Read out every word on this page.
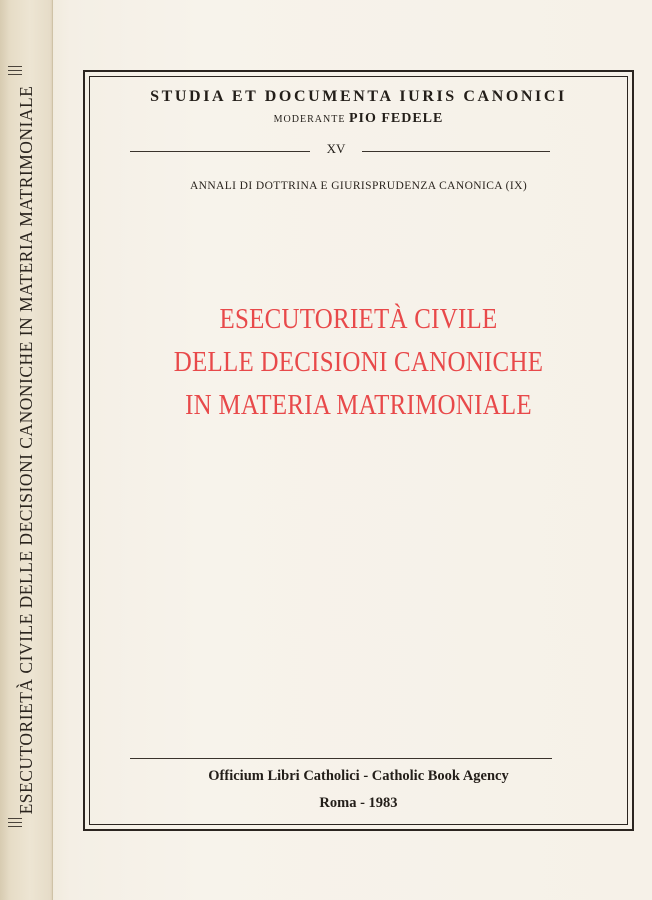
ESECUTORIETÀ CIVILE DELLE DECISIONI CANONICHE IN MATERIA MATRIMONIALE	STUDIA ET DOCUMENTA IURIS CANONICI
MODERANTE PIO FEDELE
XV
ANNALI DI DOTTRINA E GIURISPRUDENZA CANONICA (IX)
ESECUTORIETÀ CIVILE
DELLE DECISIONI CANONICHE
IN MATERIA MATRIMONIALE
Officium Libri Catholici - Catholic Book Agency
Roma - 1983
